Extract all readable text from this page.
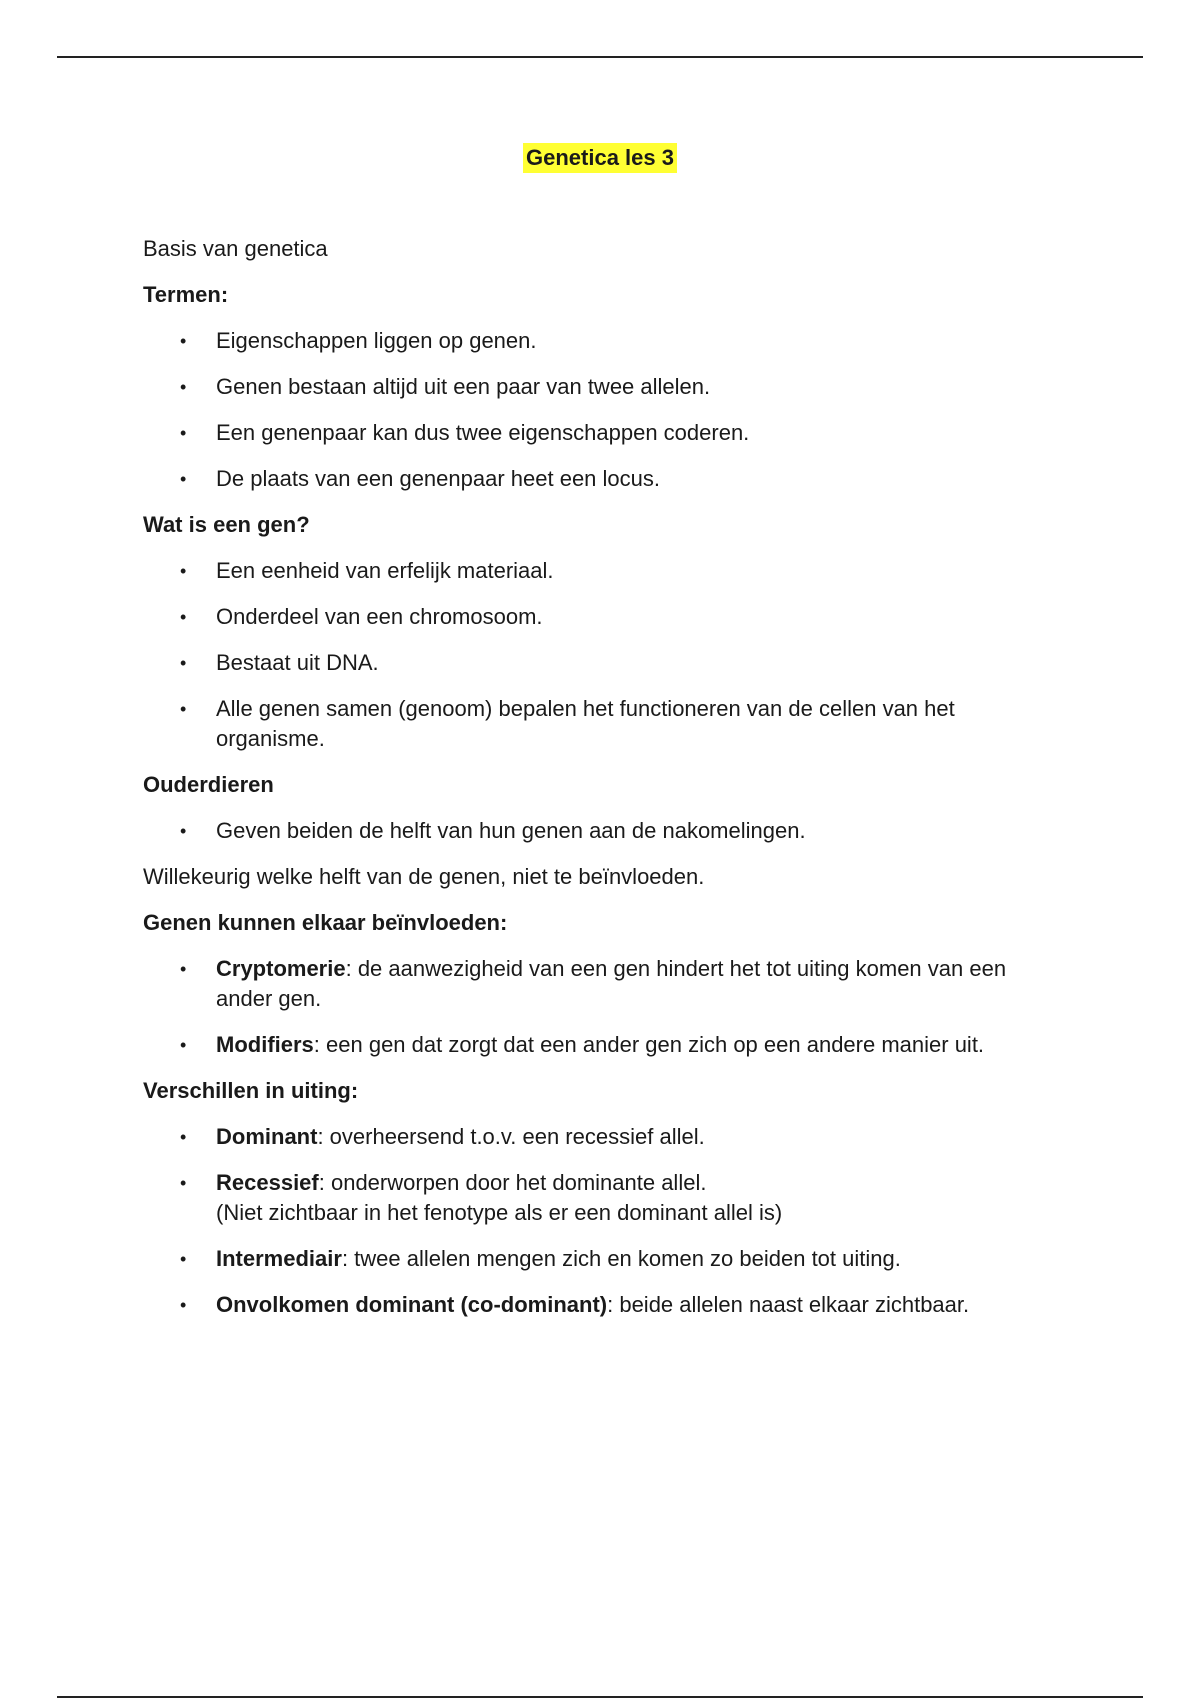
Genetica les 3

Basis van genetica

Termen:

• Eigenschappen liggen op genen.
• Genen bestaan altijd uit een paar van twee allelen.
• Een genenpaar kan dus twee eigenschappen coderen.
• De plaats van een genenpaar heet een locus.

Wat is een gen?

• Een eenheid van erfelijk materiaal.
• Onderdeel van een chromosoom.
• Bestaat uit DNA.
• Alle genen samen (genoom) bepalen het functioneren van de cellen van het organisme.

Ouderdieren

• Geven beiden de helft van hun genen aan de nakomelingen.

Willekeurig welke helft van de genen, niet te beïnvloeden.

Genen kunnen elkaar beïnvloeden:

• Cryptomerie: de aanwezigheid van een gen hindert het tot uiting komen van een ander gen.
• Modifiers: een gen dat zorgt dat een ander gen zich op een andere manier uit.

Verschillen in uiting:

• Dominant: overheersend t.o.v. een recessief allel.
• Recessief: onderworpen door het dominante allel.
(Niet zichtbaar in het fenotype als er een dominant allel is)
• Intermediair: twee allelen mengen zich en komen zo beiden tot uiting.
• Onvolkomen dominant (co-dominant): beide allelen naast elkaar zichtbaar.
